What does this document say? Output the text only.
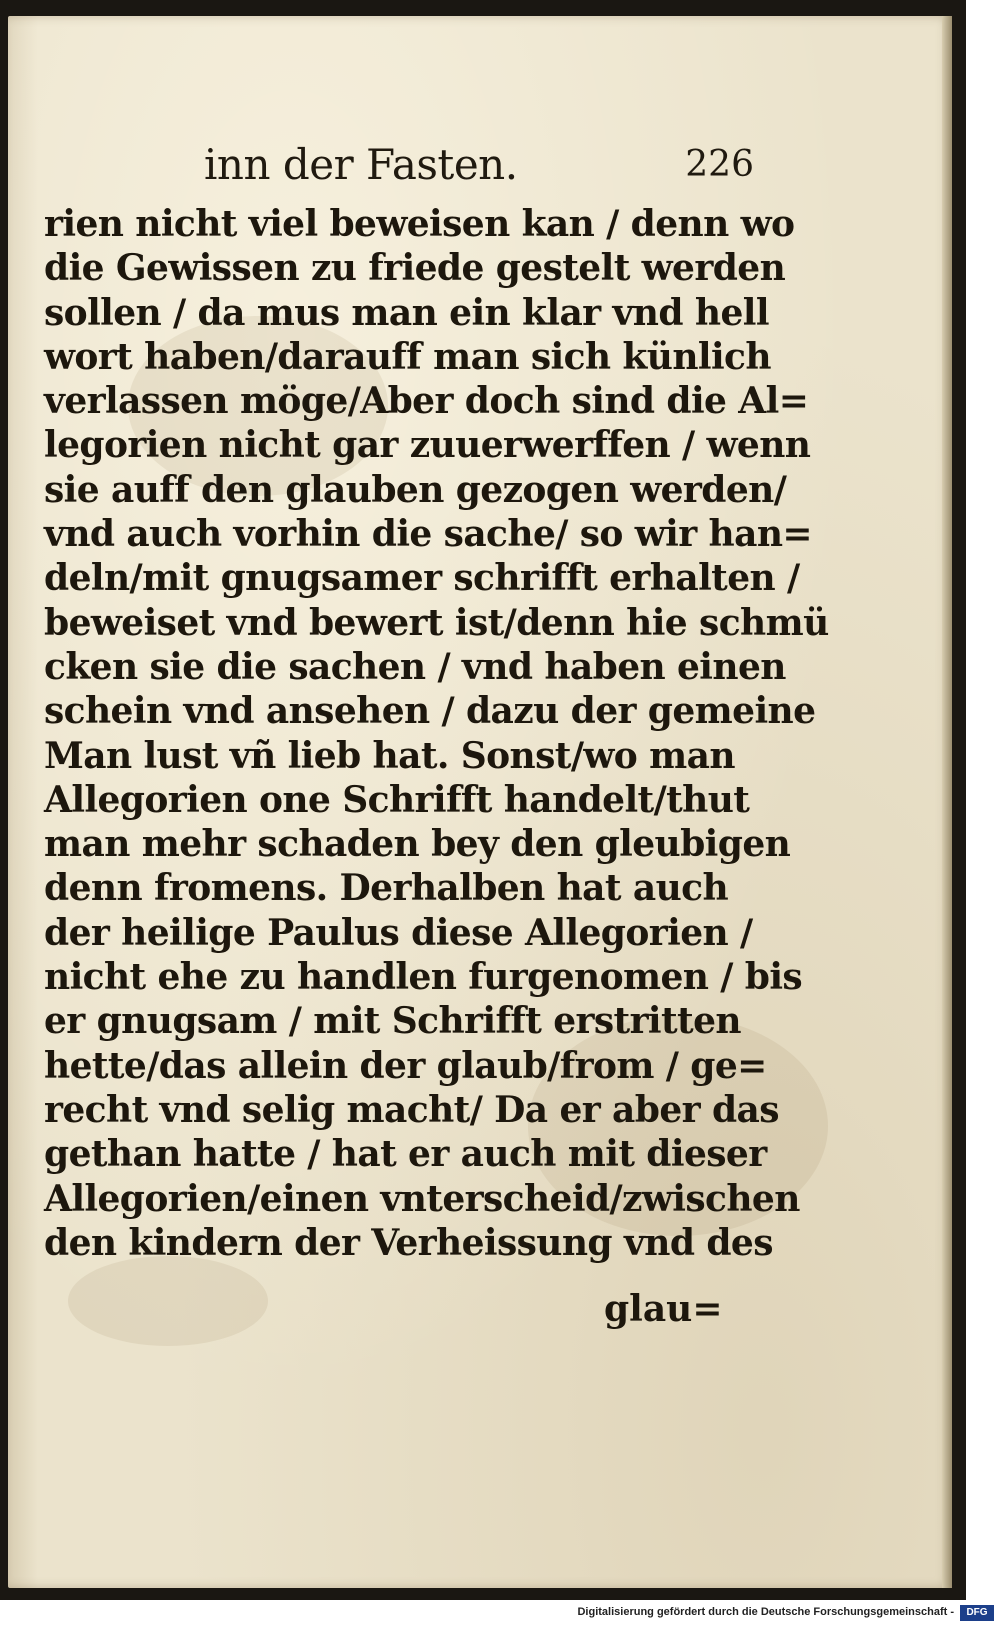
inn der Fasten.	226
rien nicht viel beweisen kan / denn wo
die Gewissen zu friede gestelt werden
sollen / da mus man ein klar vnd hell
wort haben/darauff man sich künlich
verlassen möge/Aber doch sind die Al=
legorien nicht gar zuuerwerffen / wenn
sie auff den glauben gezogen werden/
vnd auch vorhin die sache/ so wir han=
deln/mit gnugsamer schrifft erhalten /
beweiset vnd bewert ist/denn hie schmü
cken sie die sachen / vnd haben einen
schein vnd ansehen / dazu der gemeine
Man lust vñ lieb hat. Sonst/wo man
Allegorien one Schrifft handelt/thut
man mehr schaden bey den gleubigen
denn fromens. Derhalben hat auch
der heilige Paulus diese Allegorien /
nicht ehe zu handlen furgenomen / bis
er gnugsam / mit Schrifft erstritten
hette/das allein der glaub/from / ge=
recht vnd selig macht/ Da er aber das
gethan hatte / hat er auch mit dieser
Allegorien/einen vnterscheid/zwischen
den kindern der Verheissung vnd des
glau=
Digitalisierung gefördert durch die Deutsche Forschungsgemeinschaft -	DFG
